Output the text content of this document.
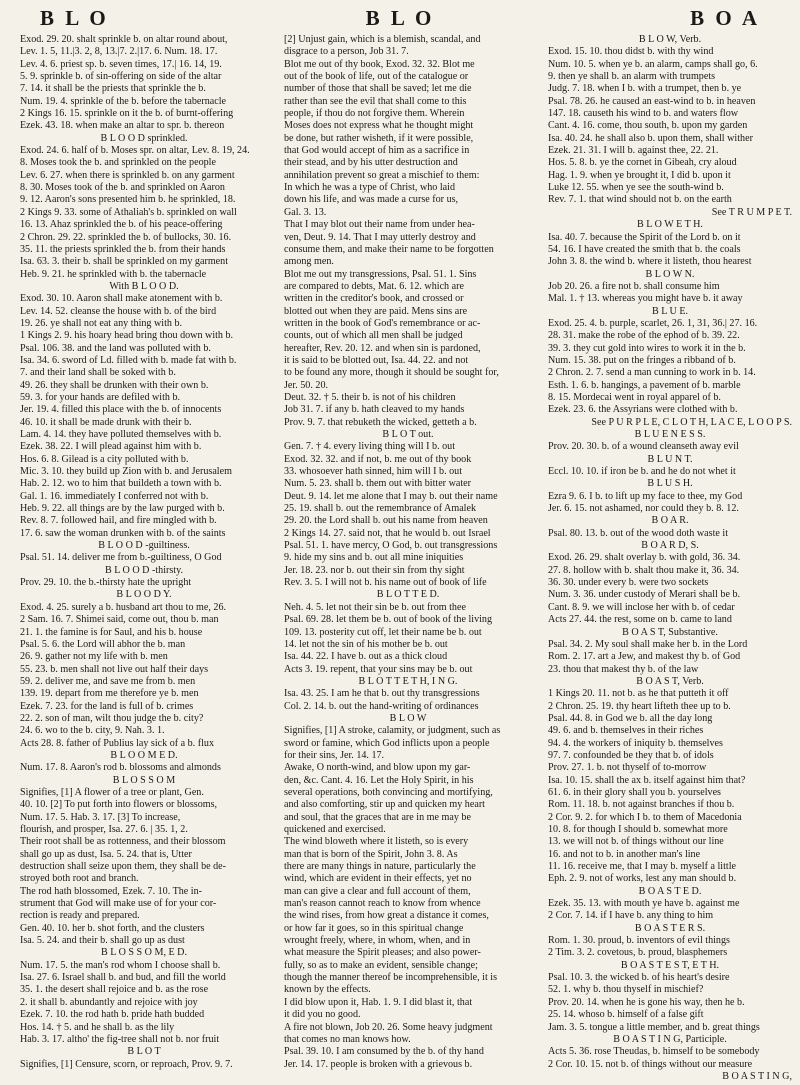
B L O	B L O	B O A

Exod. 29. 20. shalt sprinkle b. on altar round about,

Lev. 1. 5, 11.|3. 2, 8, 13.|7. 2.|17. 6. Num. 18. 17.

Lev. 4. 6. priest sp. b. seven times, 17.| 16. 14, 19.

5. 9. sprinkle b. of sin-offering on side of the altar

7. 14. it shall be the priests that sprinkle the b.

Num. 19. 4. sprinkle of the b. before the tabernacle

2 Kings 16. 15. sprinkle on it the b. of burnt-offering

Ezek. 43. 18. when make an altar to spr. b. thereon

B L O O D sprinkled.

Exod. 24. 6. half of b. Moses spr. on altar, Lev. 8. 19, 24.

8. Moses took the b. and sprinkled on the people

Lev. 6. 27. when there is sprinkled b. on any garment

8. 30. Moses took of the b. and sprinkled on Aaron

9. 12. Aaron's sons presented him b. he sprinkled, 18.

2 Kings 9. 33. some of Athaliah's b. sprinkled on wall

16. 13. Ahaz sprinkled the b. of his peace-offering

2 Chron. 29. 22. sprinkled the b. of bullocks, 30. 16.

35. 11. the priests sprinkled the b. from their hands

Isa. 63. 3. their b. shall be sprinkled on my garment

Heb. 9. 21. he sprinkled with b. the tabernacle

With B L O O D.

Exod. 30. 10. Aaron shall make atonement with b.

Lev. 14. 52. cleanse the house with b. of the bird

19. 26. ye shall not eat any thing with b.

1 Kings 2. 9. his hoary head bring thou down with b.

Psal. 106. 38. and the land was polluted with b.

Isa. 34. 6. sword of Ld. filled with b. made fat with b.

7. and their land shall be soked with b.

49. 26. they shall be drunken with their own b.

59. 3. for your hands are defiled with b.

Jer. 19. 4. filled this place with the b. of innocents

46. 10. it shall be made drunk with their b.

Lam. 4. 14. they have polluted themselves with b.

Ezek. 38. 22. I will plead against him with b.

Hos. 6. 8. Gilead is a city polluted with b.

Mic. 3. 10. they build up Zion with b. and Jerusalem

Hab. 2. 12. wo to him that buildeth a town with b.

Gal. 1. 16. immediately I conferred not with b.

Heb. 9. 22. all things are by the law purged with b.

Rev. 8. 7. followed hail, and fire mingled with b.

17. 6. saw the woman drunken with b. of the saints

B L O O D -guiltiness.

Psal. 51. 14. deliver me from b.-guiltiness, O God

B L O O D -thirsty.

Prov. 29. 10. the b.-thirsty hate the upright

B L O O D Y.

Exod. 4. 25. surely a b. husband art thou to me, 26.

2 Sam. 16. 7. Shimei said, come out, thou b. man

21. 1. the famine is for Saul, and his b. house

Psal. 5. 6. the Lord will abhor the b. man

26. 9. gather not my life with b. men

55. 23. b. men shall not live out half their days

59. 2. deliver me, and save me from b. men

139. 19. depart from me therefore ye b. men

Ezek. 7. 23. for the land is full of b. crimes

22. 2. son of man, wilt thou judge the b. city?

24. 6. wo to the b. city, 9. Nah. 3. 1.

Acts 28. 8. father of Publius lay sick of a b. flux

B L O O M E D.

Num. 17. 8. Aaron's rod b. blossoms and almonds

B L O S S O M

Signifies, [1] A flower of a tree or plant, Gen.

40. 10. [2] To put forth into flowers or blossoms,

Num. 17. 5. Hab. 3. 17. [3] To increase,

flourish, and prosper, Isa. 27. 6. | 35. 1, 2.

Their root shall be as rottenness, and their blossom

shall go up as dust, Isa. 5. 24. that is, Utter

destruction shall seize upon them, they shall be de-

stroyed both root and branch.

The rod hath blossomed, Ezek. 7. 10. The in-

strument that God will make use of for your cor-

rection is ready and prepared.

Gen. 40. 10. her b. shot forth, and the clusters

Isa. 5. 24. and their b. shall go up as dust

B L O S S O M, E D.

Num. 17. 5. the man's rod whom I choose shall b.

Isa. 27. 6. Israel shall b. and bud, and fill the world

35. 1. the desert shall rejoice and b. as the rose

2. it shall b. abundantly and rejoice with joy

Ezek. 7. 10. the rod hath b. pride hath budded

Hos. 14. † 5. and he shall b. as the lily

Hab. 3. 17. altho' the fig-tree shall not b. nor fruit

B L O T

Signifies, [1] Censure, scorn, or reproach, Prov. 9. 7.

[2] Unjust gain, which is a blemish, scandal, and

disgrace to a person, Job 31. 7.

Blot me out of thy book, Exod. 32. 32. Blot me

out of the book of life, out of the catalogue or

number of those that shall be saved; let me die

rather than see the evil that shall come to this

people, if thou do not forgive them. Wherein

Moses does not express what he thought might

be done, but rather wisheth, if it were possible,

that God would accept of him as a sacrifice in

their stead, and by his utter destruction and

annihilation prevent so great a mischief to them:

In which he was a type of Christ, who laid

down his life, and was made a curse for us,

Gal. 3. 13.

That I may blot out their name from under hea-

ven, Deut. 9. 14. That I may utterly destroy and

consume them, and make their name to be forgotten

among men.

Blot me out my transgressions, Psal. 51. 1. Sins

are compared to debts, Mat. 6. 12. which are

written in the creditor's book, and crossed or

blotted out when they are paid. Mens sins are

written in the book of God's remembrance or ac-

counts, out of which all men shall be judged

hereafter, Rev. 20. 12. and when sin is pardoned,

it is said to be blotted out, Isa. 44. 22. and not

to be found any more, though it should be sought for,

Jer. 50. 20.

Deut. 32. † 5. their b. is not of his children

Job 31. 7. if any b. hath cleaved to my hands

Prov. 9. 7. that rebuketh the wicked, getteth a b.

B L O T out.

Gen. 7. † 4. every living thing will I b. out

Exod. 32. 32. and if not, b. me out of thy book

33. whosoever hath sinned, him will I b. out

Num. 5. 23. shall b. them out with bitter water

Deut. 9. 14. let me alone that I may b. out their name

25. 19. shall b. out the remembrance of Amalek

29. 20. the Lord shall b. out his name from heaven

2 Kings 14. 27. said not, that he would b. out Israel

Psal. 51. 1. have mercy, O God, b. out transgressions

9. hide my sins and b. out all mine iniquities

Jer. 18. 23. nor b. out their sin from thy sight

Rev. 3. 5. I will not b. his name out of book of life

B L O T T E D.

Neh. 4. 5. let not their sin be b. out from thee

Psal. 69. 28. let them be b. out of book of the living

109. 13. posterity cut off, let their name be b. out

14. let not the sin of his mother be b. out

Isa. 44. 22. I have b. out as a thick cloud

Acts 3. 19. repent, that your sins may be b. out

B L O T T E T H, I N G.

Isa. 43. 25. I am he that b. out thy transgressions

Col. 2. 14. b. out the hand-writing of ordinances

B L O W

Signifies, [1] A stroke, calamity, or judgment, such as

sword or famine, which God inflicts upon a people

for their sins, Jer. 14. 17.

Awake, O north-wind, and blow upon my gar-

den, &c. Cant. 4. 16. Let the Holy Spirit, in his

several operations, both convincing and mortifying,

and also comforting, stir up and quicken my heart

and soul, that the graces that are in me may be

quickened and exercised.

The wind bloweth where it listeth, so is every

man that is born of the Spirit, John 3. 8. As

there are many things in nature, particularly the

wind, which are evident in their effects, yet no

man can give a clear and full account of them,

man's reason cannot reach to know from whence

the wind rises, from how great a distance it comes,

or how far it goes, so in this spiritual change

wrought freely, where, in whom, when, and in

what measure the Spirit pleases; and also power-

fully, so as to make an evident, sensible change;

though the manner thereof be incomprehensible, it is

known by the effects.

I did blow upon it, Hab. 1. 9. I did blast it, that

it did you no good.

A fire not blown, Job 20. 26. Some heavy judgment

that comes no man knows how.

Psal. 39. 10. I am consumed by the b. of thy hand

Jer. 14. 17. people is broken with a grievous b.

B L O W, Verb.

Exod. 15. 10. thou didst b. with thy wind

Num. 10. 5. when ye b. an alarm, camps shall go, 6.

9. then ye shall b. an alarm with trumpets

Judg. 7. 18. when I b. with a trumpet, then b. ye

Psal. 78. 26. he caused an east-wind to b. in heaven

147. 18. causeth his wind to b. and waters flow

Cant. 4. 16. come, thou south, b. upon my garden

Isa. 40. 24. he shall also b. upon them, shall wither

Ezek. 21. 31. I will b. against thee, 22. 21.

Hos. 5. 8. b. ye the cornet in Gibeah, cry aloud

Hag. 1. 9. when ye brought it, I did b. upon it

Luke 12. 55. when ye see the south-wind b.

Rev. 7. 1. that wind should not b. on the earth

See T R U M P E T.

B L O W E T H.

Isa. 40. 7. because the Spirit of the Lord b. on it

54. 16. I have created the smith that b. the coals

John 3. 8. the wind b. where it listeth, thou hearest

B L O W N.

Job 20. 26. a fire not b. shall consume him

Mal. 1. † 13. whereas you might have b. it away

B L U E.

Exod. 25. 4. b. purple, scarlet, 26. 1, 31, 36.| 27. 16.

28. 31. make the robe of the ephod of b. 39. 22.

39. 3. they cut gold into wires to work it in the b.

Num. 15. 38. put on the fringes a ribband of b.

2 Chron. 2. 7. send a man cunning to work in b. 14.

Esth. 1. 6. b. hangings, a pavement of b. marble

8. 15. Mordecai went in royal apparel of b.

Ezek. 23. 6. the Assyrians were clothed with b.

See P U R P L E, C L O T H, L A C E, L O O P S.

B L U E N E S S.

Prov. 20. 30. b. of a wound cleanseth away evil

B L U N T.

Eccl. 10. 10. if iron be b. and he do not whet it

B L U S H.

Ezra 9. 6. I b. to lift up my face to thee, my God

Jer. 6. 15. not ashamed, nor could they b. 8. 12.

B O A R.

Psal. 80. 13. b. out of the wood doth waste it

B O A R D, S.

Exod. 26. 29. shalt overlay b. with gold, 36. 34.

27. 8. hollow with b. shalt thou make it, 36. 34.

36. 30. under every b. were two sockets

Num. 3. 36. under custody of Merari shall be b.

Cant. 8. 9. we will inclose her with b. of cedar

Acts 27. 44. the rest, some on b. came to land

B O A S T, Substantive.

Psal. 34. 2. My soul shall make her b. in the Lord

Rom. 2. 17. art a Jew, and makest thy b. of God

23. thou that makest thy b. of the law

B O A S T, Verb.

1 Kings 20. 11. not b. as he that putteth it off

2 Chron. 25. 19. thy heart lifteth thee up to b.

Psal. 44. 8. in God we b. all the day long

49. 6. and b. themselves in their riches

94. 4. the workers of iniquity b. themselves

97. 7. confounded be they that b. of idols

Prov. 27. 1. b. not thyself of to-morrow

Isa. 10. 15. shall the ax b. itself against him that?

61. 6. in their glory shall you b. yourselves

Rom. 11. 18. b. not against branches if thou b.

2 Cor. 9. 2. for which I b. to them of Macedonia

10. 8. for though I should b. somewhat more

13. we will not b. of things without our line

16. and not to b. in another man's line

11. 16. receive me, that I may b. myself a little

Eph. 2. 9. not of works, lest any man should b.

B O A S T E D.

Ezek. 35. 13. with mouth ye have b. against me

2 Cor. 7. 14. if I have b. any thing to him

B O A S T E R S.

Rom. 1. 30. proud, b. inventors of evil things

2 Tim. 3. 2. covetous, b. proud, blasphemers

B O A S T E S T, E T H.

Psal. 10. 3. the wicked b. of his heart's desire

52. 1. why b. thou thyself in mischief?

Prov. 20. 14. when he is gone his way, then he b.

25. 14. whoso b. himself of a false gift

Jam. 3. 5. tongue a little member, and b. great things

B O A S T I N G, Participle.

Acts 5. 36. rose Theudas, b. himself to be somebody

2 Cor. 10. 15. not b. of things without our measure

B O A S T I N G,
